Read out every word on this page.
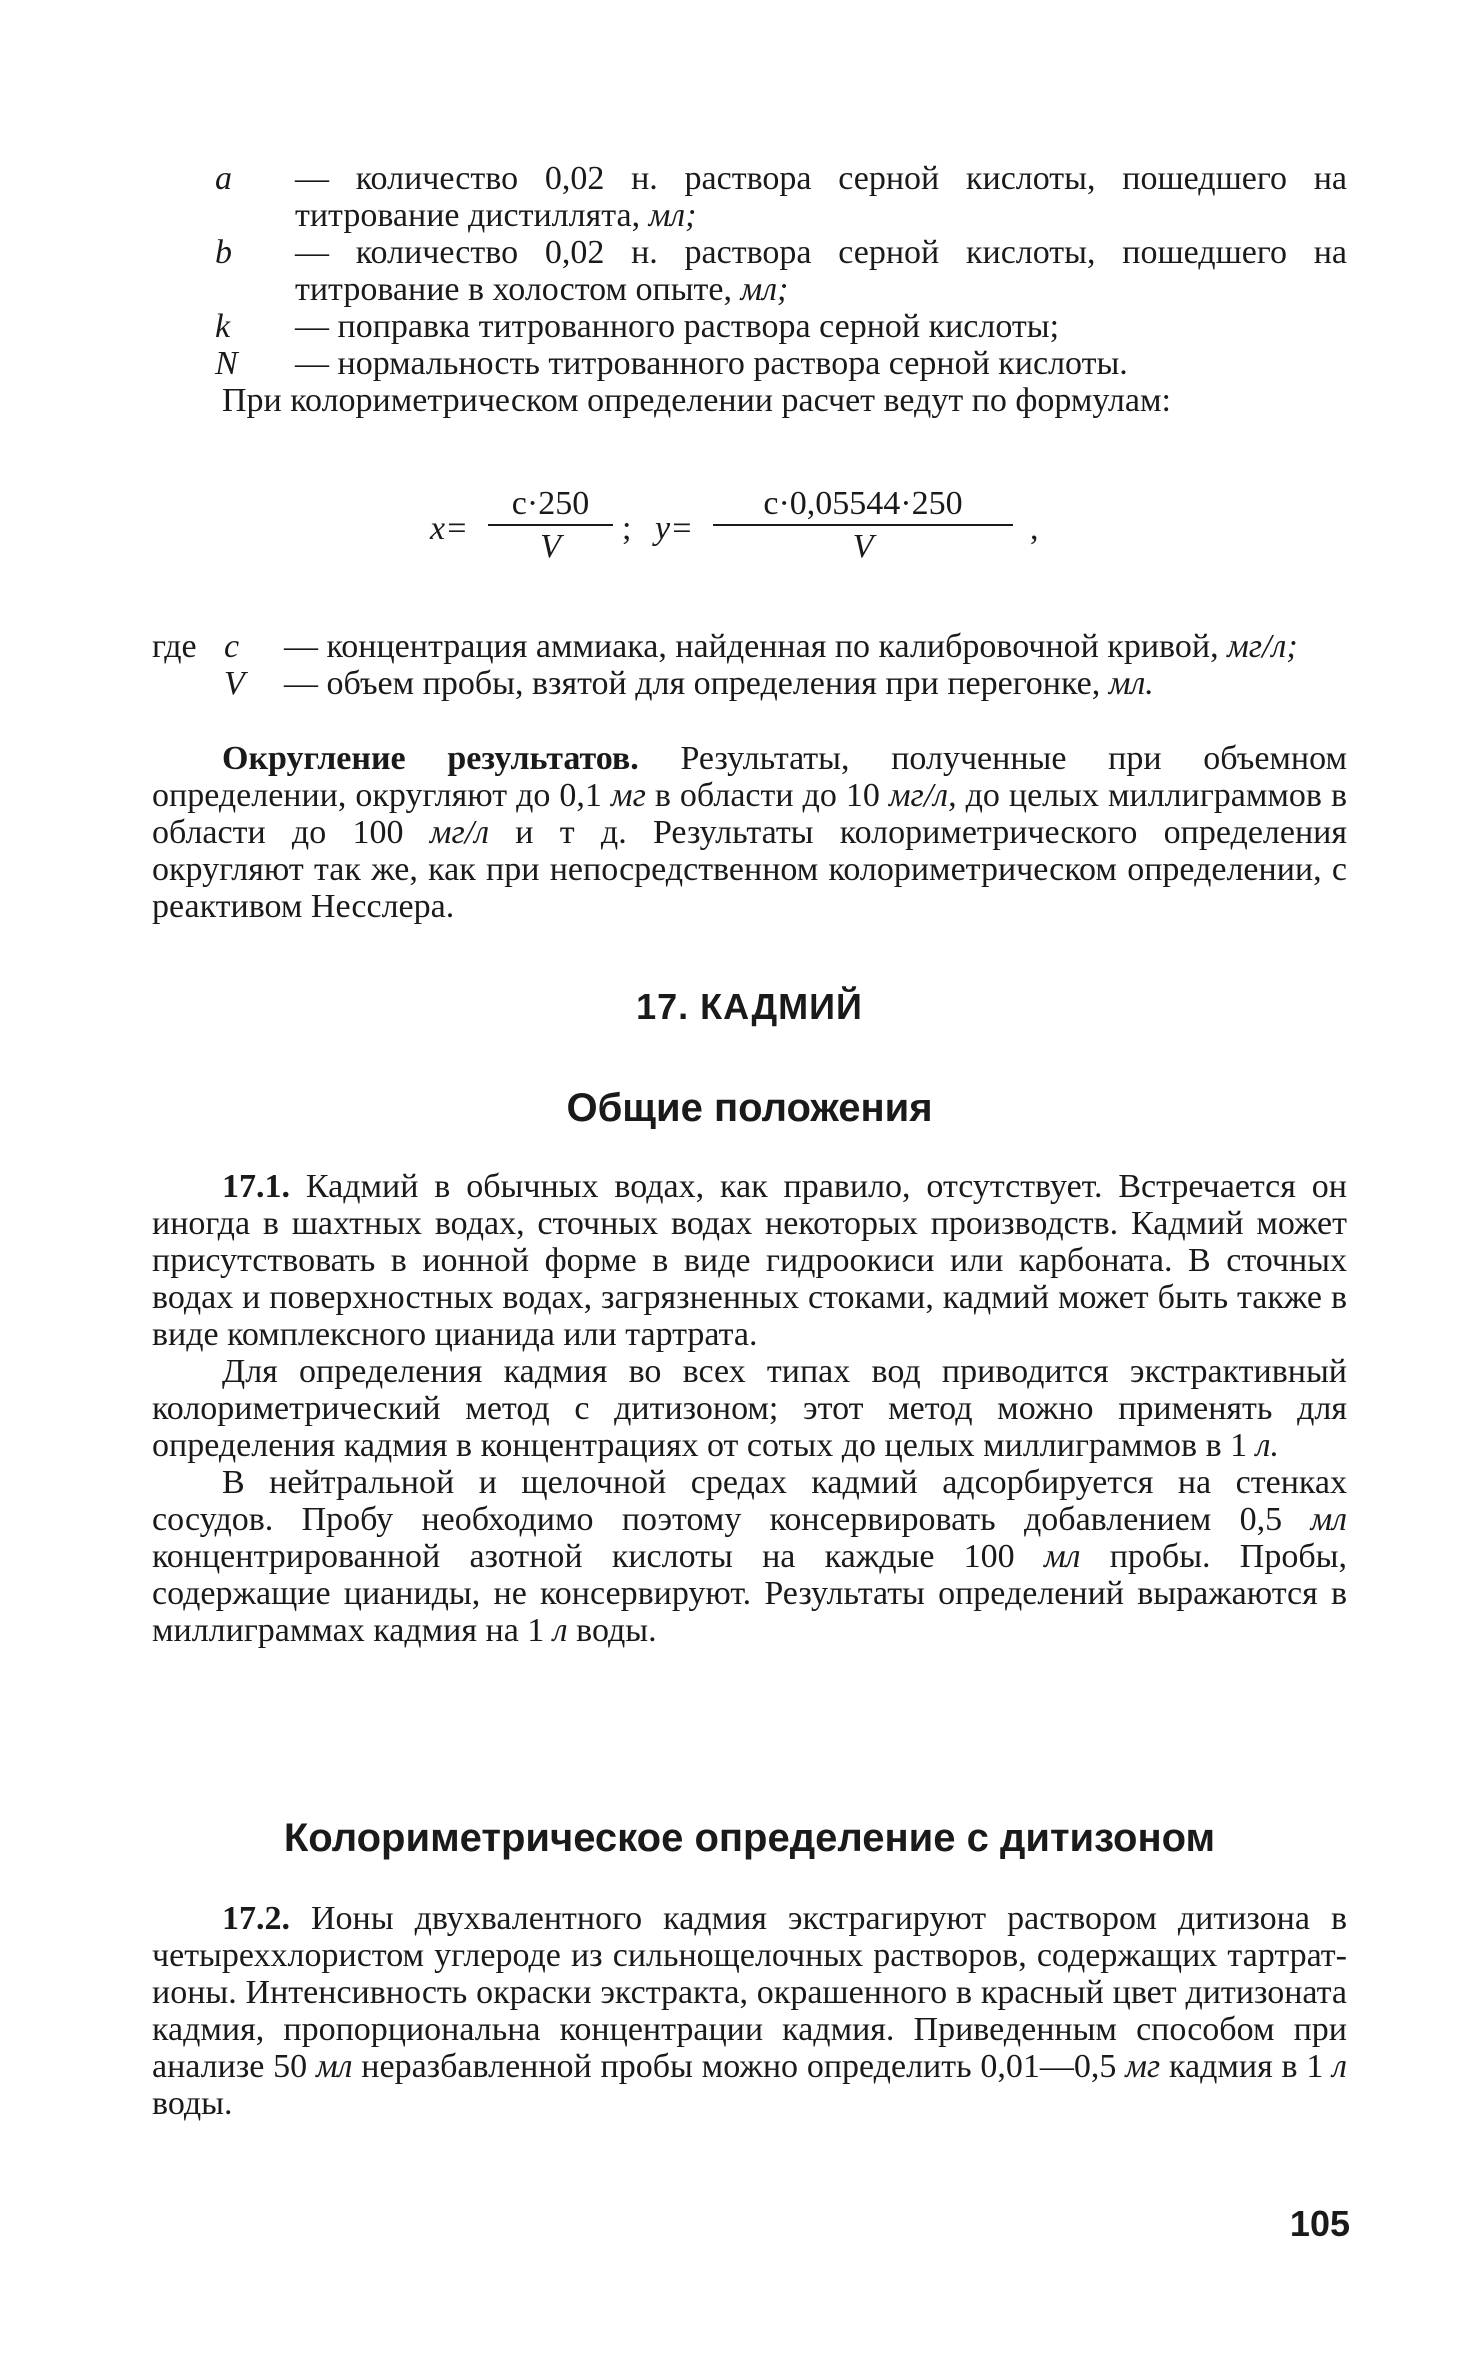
a	— количество 0,02 н. раствора серной кислоты, пошедшего на титрование дистиллята, мл;
b	— количество 0,02 н. раствора серной кислоты, пошедшего на титрование в холостом опыте, мл;
k	— поправка титрованного раствора серной кислоты;
N	— нормальность титрованного раствора серной кислоты.

При колориметрическом определении расчет ведут по формулам:

$x= \frac{c\cdot 250}{V}$ ; $y= \frac{c\cdot 0,05544\cdot 250}{V}$ ,
где c	— концентрация аммиака, найденная по калибровочной кривой, мг/л;
V	— объем пробы, взятой для определения при перегонке, мл.

Округление результатов. Результаты, полученные при объемном определении, округляют до 0,1 мг в области до 10 мг/л, до целых миллиграммов в области до 100 мг/л и т д. Результаты колориметрического определения округляют так же, как при непосредственном колориметрическом определении, с реактивом Несслера.

17. КАДМИЙ
Общие положения

17.1. Кадмий в обычных водах, как правило, отсутствует. Встречается он иногда в шахтных водах, сточных водах некоторых производств. Кадмий может присутствовать в ионной форме в виде гидроокиси или карбоната. В сточных водах и поверхностных водах, загрязненных стоками, кадмий может быть также в виде комплексного цианида или тартрата.

Для определения кадмия во всех типах вод приводится экстрактивный колориметрический метод с дитизоном; этот метод можно применять для определения кадмия в концентрациях от сотых до целых миллиграммов в 1 л.

В нейтральной и щелочной средах кадмий адсорбируется на стенках сосудов. Пробу необходимо поэтому консервировать добавлением 0,5 мл концентрированной азотной кислоты на каждые 100 мл пробы. Пробы, содержащие цианиды, не консервируют. Результаты определений выражаются в миллиграммах кадмия на 1 л воды.

Колориметрическое определение с дитизоном

17.2. Ионы двухвалентного кадмия экстрагируют раствором дитизона в четыреххлористом углероде из сильнощелочных растворов, содержащих тартрат-ионы. Интенсивность окраски экстракта, окрашенного в красный цвет дитизоната кадмия, пропорциональна концентрации кадмия. Приведенным способом при анализе 50 мл неразбавленной пробы можно определить 0,01—0,5 мг кадмия в 1 л воды.

105
